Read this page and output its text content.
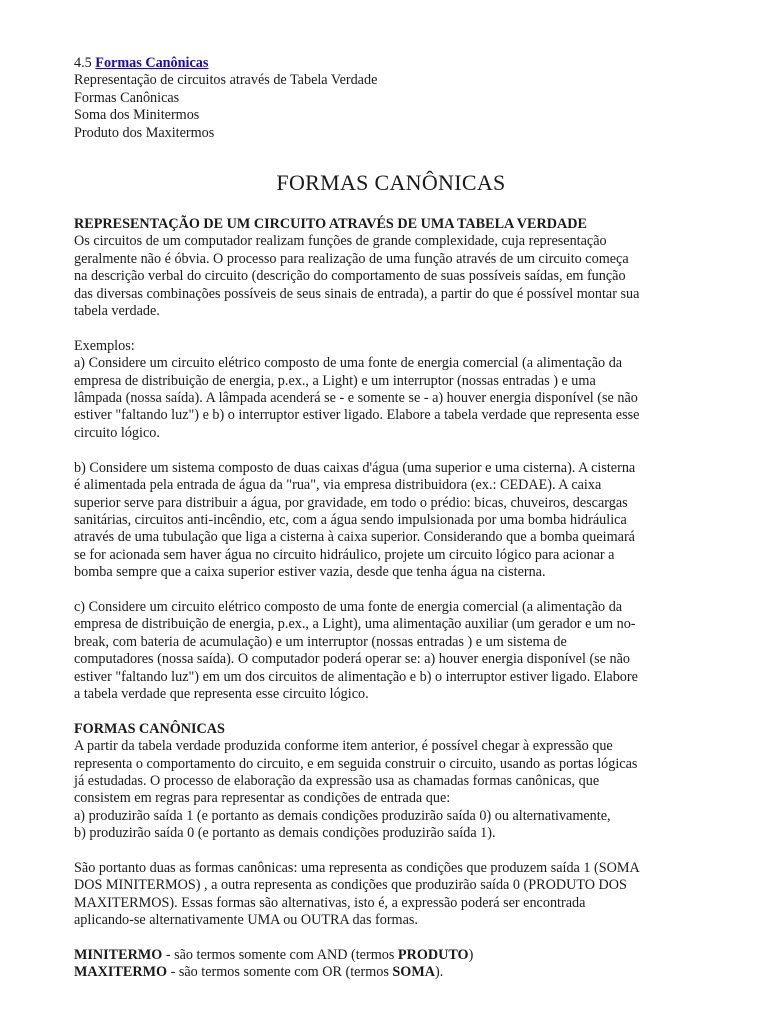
4.5 Formas Canônicas
Representação de circuitos através de Tabela Verdade
Formas Canônicas
Soma dos Minitermos
Produto dos Maxitermos
FORMAS CANÔNICAS
REPRESENTAÇÃO DE UM CIRCUITO ATRAVÉS DE UMA TABELA VERDADE
Os circuitos de um computador realizam funções de grande complexidade, cuja representação
geralmente não é óbvia. O processo para realização de uma função através de um circuito começa
na descrição verbal do circuito (descrição do comportamento de suas possíveis saídas, em função
das diversas combinações possíveis de seus sinais de entrada), a partir do que é possível montar sua
tabela verdade.
Exemplos:
a) Considere um circuito elétrico composto de uma fonte de energia comercial (a alimentação da
empresa de distribuição de energia, p.ex., a Light) e um interruptor (nossas entradas ) e uma
lâmpada (nossa saída). A lâmpada acenderá se - e somente se - a) houver energia disponível (se não
estiver "faltando luz") e b) o interruptor estiver ligado. Elabore a tabela verdade que representa esse
circuito lógico.
b) Considere um sistema composto de duas caixas d'água (uma superior e uma cisterna). A cisterna
é alimentada pela entrada de água da "rua", via empresa distribuidora (ex.: CEDAE). A caixa
superior serve para distribuir a água, por gravidade, em todo o prédio: bicas, chuveiros, descargas
sanitárias, circuitos anti-incêndio, etc, com a água sendo impulsionada por uma bomba hidráulica
através de uma tubulação que liga a cisterna à caixa superior. Considerando que a bomba queimará
se for acionada sem haver água no circuito hidráulico, projete um circuito lógico para acionar a
bomba sempre que a caixa superior estiver vazia, desde que tenha água na cisterna.
c) Considere um circuito elétrico composto de uma fonte de energia comercial (a alimentação da
empresa de distribuição de energia, p.ex., a Light), uma alimentação auxiliar (um gerador e um no-
break, com bateria de acumulação) e um interruptor (nossas entradas ) e um sistema de
computadores (nossa saída). O computador poderá operar se: a) houver energia disponível (se não
estiver "faltando luz") em um dos circuitos de alimentação e b) o interruptor estiver ligado. Elabore
a tabela verdade que representa esse circuito lógico.
FORMAS CANÔNICAS
A partir da tabela verdade produzida conforme item anterior, é possível chegar à expressão que
representa o comportamento do circuito, e em seguida construir o circuito, usando as portas lógicas
já estudadas. O processo de elaboração da expressão usa as chamadas formas canônicas, que
consistem em regras para representar as condições de entrada que:
a) produzirão saída 1 (e portanto as demais condições produzirão saída 0) ou alternativamente,
b) produzirão saída 0 (e portanto as demais condições produzirão saída 1).
São portanto duas as formas canônicas: uma representa as condições que produzem saída 1 (SOMA
DOS MINITERMOS) , a outra representa as condições que produzirão saída 0 (PRODUTO DOS
MAXITERMOS). Essas formas são alternativas, isto é, a expressão poderá ser encontrada
aplicando-se alternativamente UMA ou OUTRA das formas.
MINITERMO - são termos somente com AND (termos PRODUTO)
MAXITERMO - são termos somente com OR (termos SOMA).
